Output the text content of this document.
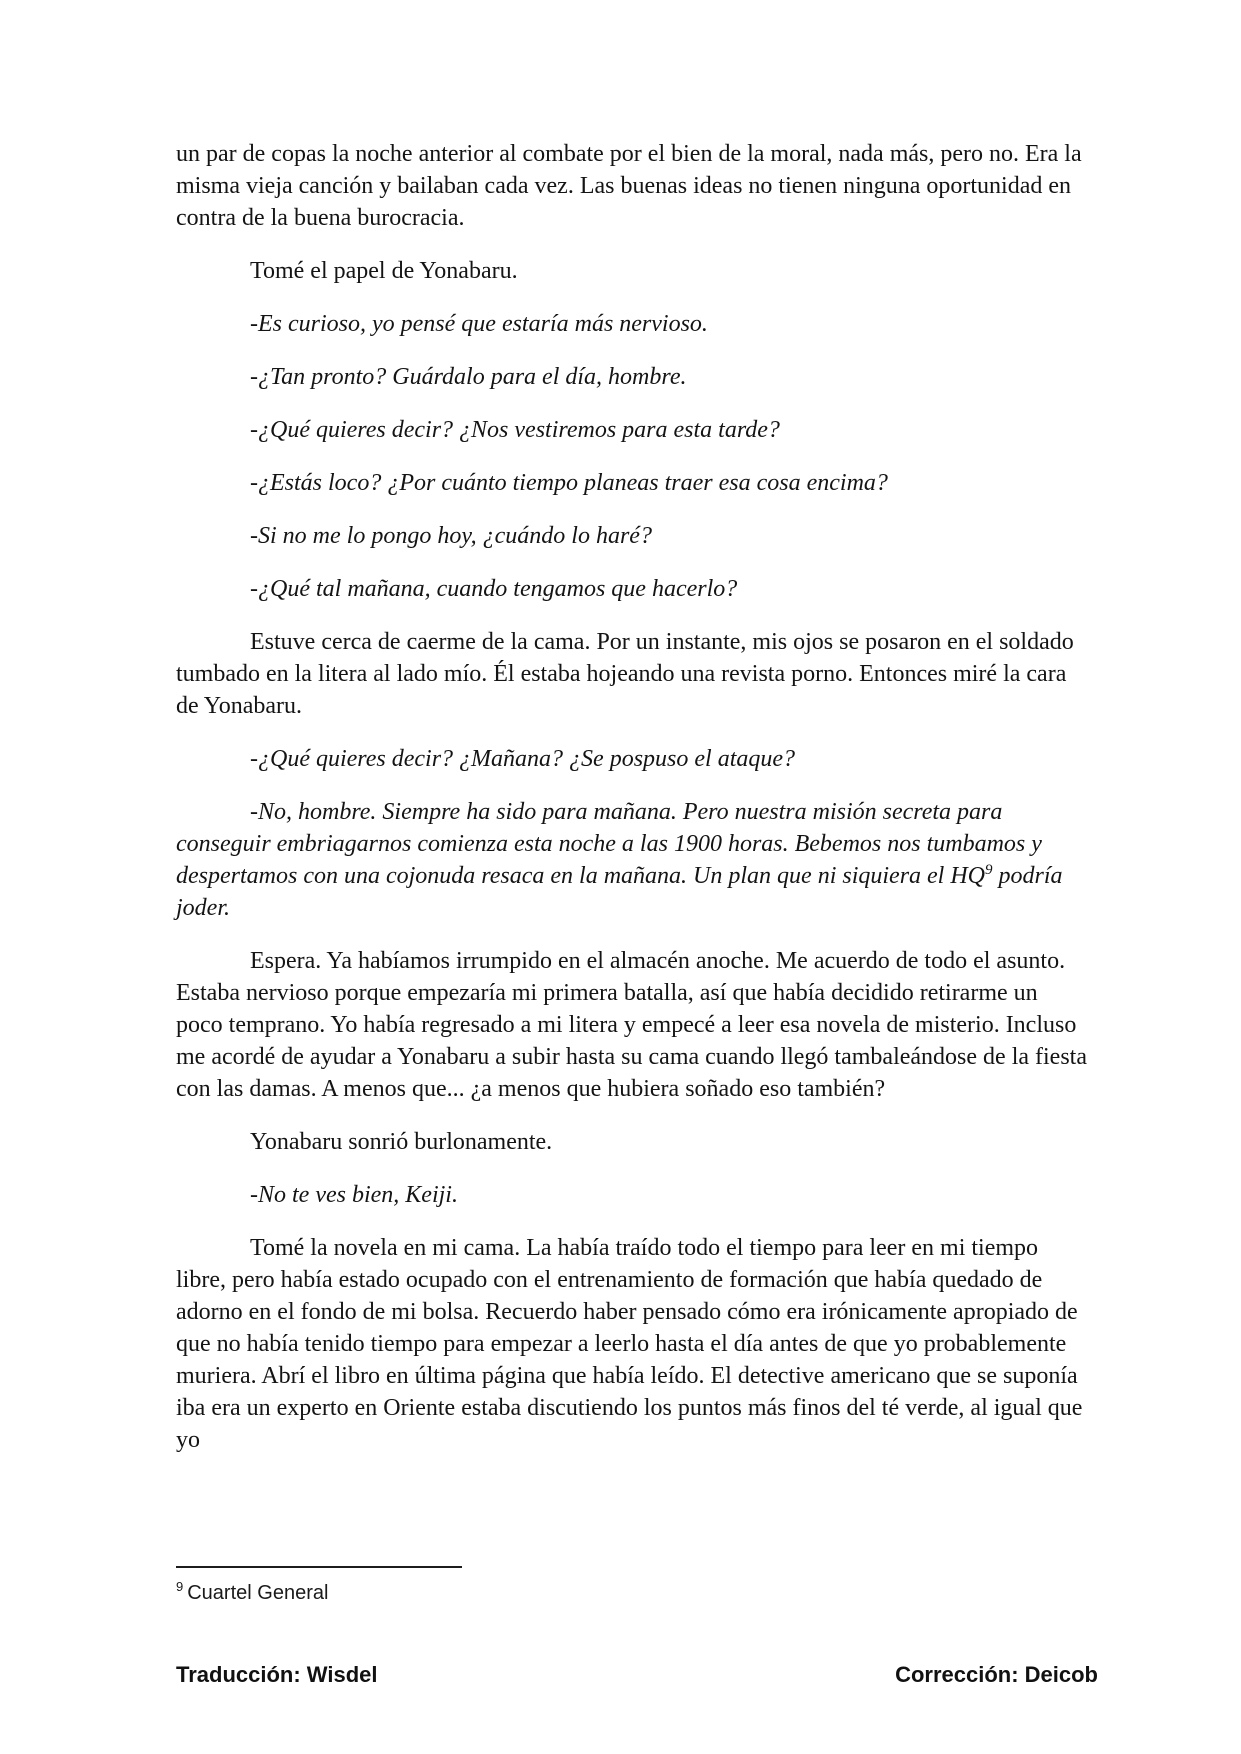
un par de copas la noche anterior al combate por el bien de la moral, nada más, pero no. Era la misma vieja canción y bailaban cada vez. Las buenas ideas no tienen ninguna oportunidad en contra de la buena burocracia.

Tomé el papel de Yonabaru.

-Es curioso, yo pensé que estaría más nervioso.

-¿Tan pronto? Guárdalo para el día, hombre.

-¿Qué quieres decir? ¿Nos vestiremos para esta tarde?

-¿Estás loco? ¿Por cuánto tiempo planeas traer esa cosa encima?

-Si no me lo pongo hoy, ¿cuándo lo haré?

-¿Qué tal mañana, cuando tengamos que hacerlo?

Estuve cerca de caerme de la cama. Por un instante, mis ojos se posaron en el soldado tumbado en la litera al lado mío. Él estaba hojeando una revista porno. Entonces miré la cara de Yonabaru.

-¿Qué quieres decir? ¿Mañana? ¿Se pospuso el ataque?

-No, hombre. Siempre ha sido para mañana. Pero nuestra misión secreta para conseguir embriagarnos comienza esta noche a las 1900 horas. Bebemos nos tumbamos y despertamos con una cojonuda resaca en la mañana. Un plan que ni siquiera el HQ$^9$ podría joder.

Espera. Ya habíamos irrumpido en el almacén anoche. Me acuerdo de todo el asunto. Estaba nervioso porque empezaría mi primera batalla, así que había decidido retirarme un poco temprano. Yo había regresado a mi litera y empecé a leer esa novela de misterio. Incluso me acordé de ayudar a Yonabaru a subir hasta su cama cuando llegó tambaleándose de la fiesta con las damas. A menos que... ¿a menos que hubiera soñado eso también?

Yonabaru sonrió burlonamente.

-No te ves bien, Keiji.

Tomé la novela en mi cama. La había traído todo el tiempo para leer en mi tiempo libre, pero había estado ocupado con el entrenamiento de formación que había quedado de adorno en el fondo de mi bolsa. Recuerdo haber pensado cómo era irónicamente apropiado de que no había tenido tiempo para empezar a leerlo hasta el día antes de que yo probablemente muriera. Abrí el libro en última página que había leído. El detective americano que se suponía iba era un experto en Oriente estaba discutiendo los puntos más finos del té verde, al igual que yo

$^9$ Cuartel General
Traducción: Wisdel	Corrección: Deicob
